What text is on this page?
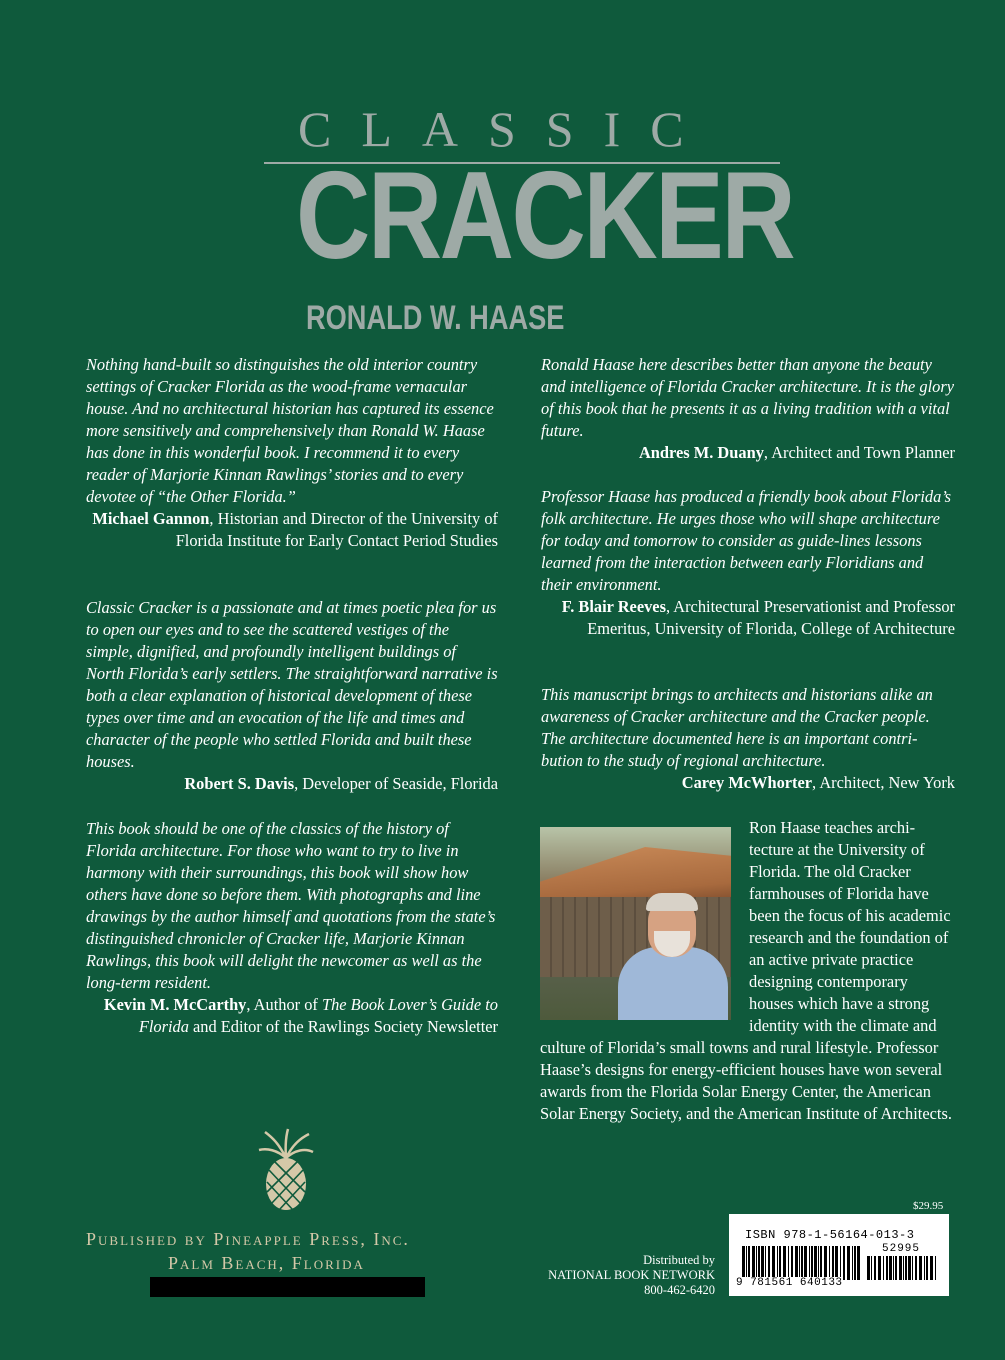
CLASSIC
CRACKER
RONALD W. HAASE

Nothing hand-built so distinguishes the old interior country settings of Cracker Florida as the wood-frame vernacular house. And no architectural historian has captured its essence more sensitively and comprehensively than Ronald W. Haase has done in this wonderful book. I recommend it to every reader of Marjorie Kinnan Rawlings’ stories and to every devotee of “the Other Florida.”

Michael Gannon, Historian and Director of the University of Florida Institute for Early Contact Period Studies

Classic Cracker is a passionate and at times poetic plea for us to open our eyes and to see the scattered vestiges of the simple, dignified, and profoundly intelligent buildings of North Florida’s early settlers. The straightforward narrative is both a clear explanation of historical development of these types over time and an evocation of the life and times and character of the people who settled Florida and built these houses.

Robert S. Davis, Developer of Seaside, Florida

This book should be one of the classics of the history of Florida architecture. For those who want to try to live in harmony with their surroundings, this book will show how others have done so before them. With photographs and line drawings by the author himself and quotations from the state’s distinguished chronicler of Cracker life, Marjorie Kinnan Rawlings, this book will delight the newcomer as well as the long-term resident.

Kevin M. McCarthy, Author of The Book Lover’s Guide to Florida and Editor of the Rawlings Society Newsletter

Ronald Haase here describes better than anyone the beauty and intelligence of Florida Cracker architecture. It is the glory of this book that he presents it as a living tradition with a vital future.

Andres M. Duany, Architect and Town Planner

Professor Haase has produced a friendly book about Florida’s folk architecture. He urges those who will shape architecture for today and tomorrow to consider as guide-lines lessons learned from the interaction between early Floridians and their environment.

F. Blair Reeves, Architectural Preservationist and Professor Emeritus, University of Florida, College of Architecture

This manuscript brings to architects and historians alike an awareness of Cracker architecture and the Cracker people. The architecture documented here is an important contri-bution to the study of regional architecture.

Carey McWhorter, Architect, New York

Ron Haase teaches archi-tecture at the University of Florida. The old Cracker farmhouses of Florida have been the focus of his academic research and the foundation of an active private practice designing contemporary houses which have a strong identity with the climate and culture of Florida’s small towns and rural lifestyle. Professor Haase’s designs for energy-efficient houses have won several awards from the Florida Solar Energy Center, the American Solar Energy Society, and the American Institute of Architects.

Published by Pineapple Press, Inc.

Palm Beach, Florida	Distributed by

NATIONAL BOOK NETWORK

800-462-6420

$29.95
ISBN 978-1-56164-013-3
52995
9 781561 640133
